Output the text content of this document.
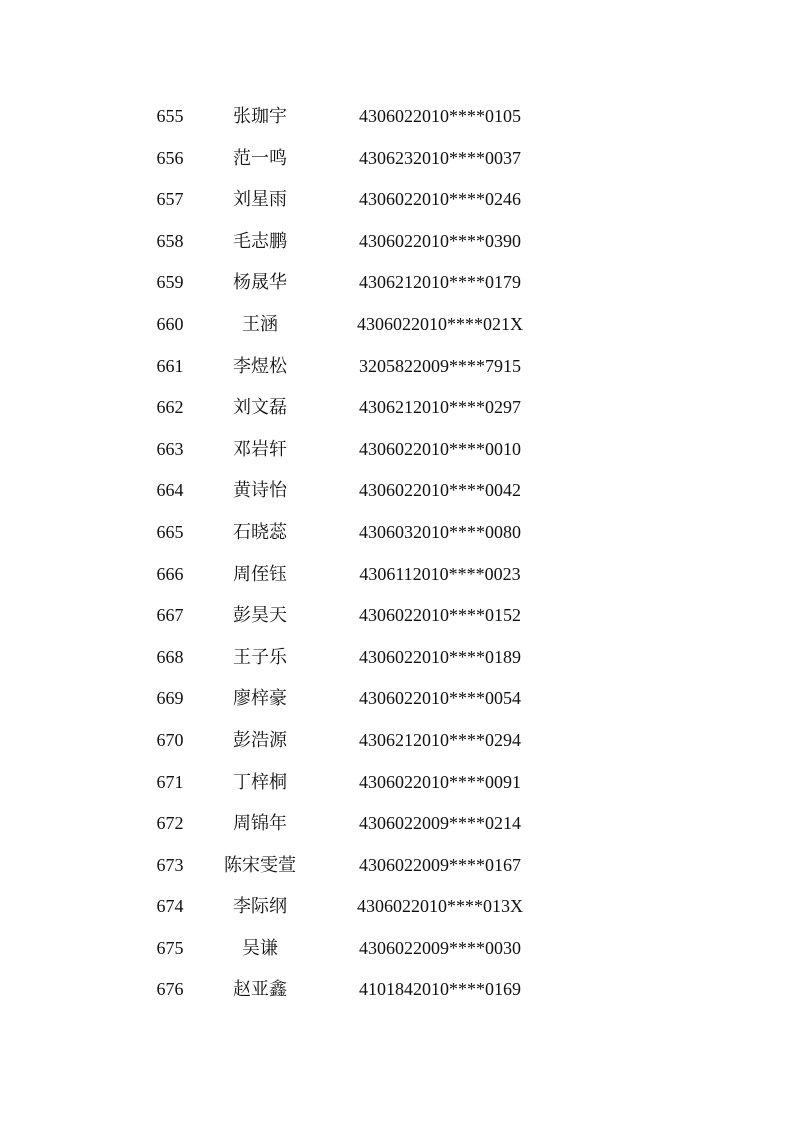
655	张珈宇	4306022010****0105
656	范一鸣	4306232010****0037
657	刘星雨	4306022010****0246
658	毛志鹏	4306022010****0390
659	杨晟华	4306212010****0179
660	王涵	4306022010****021X
661	李煜松	3205822009****7915
662	刘文磊	4306212010****0297
663	邓岩轩	4306022010****0010
664	黄诗怡	4306022010****0042
665	石晓蕊	4306032010****0080
666	周侄钰	4306112010****0023
667	彭昊天	4306022010****0152
668	王子乐	4306022010****0189
669	廖梓豪	4306022010****0054
670	彭浩源	4306212010****0294
671	丁梓桐	4306022010****0091
672	周锦年	4306022009****0214
673	陈宋雯萱	4306022009****0167
674	李际纲	4306022010****013X
675	吴谦	4306022009****0030
676	赵亚鑫	4101842010****0169
